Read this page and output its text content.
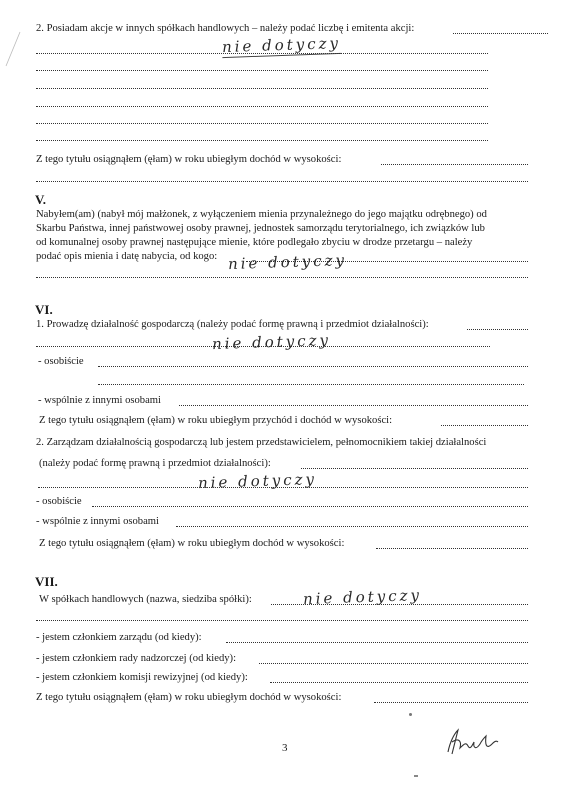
2. Posiadam akcje w innych spółkach handlowych – należy podać liczbę i emitenta akcji:
nie dotyczy
Z tego tytułu osiągnąłem (ęłam) w roku ubiegłym dochód w wysokości:
V.
Nabyłem(am) (nabył mój małżonek, z wyłączeniem mienia przynależnego do jego majątku odrębnego) od
Skarbu Państwa, innej państwowej osoby prawnej, jednostek samorządu terytorialnego, ich związków lub
od komunalnej osoby prawnej następujące mienie, które podlegało zbyciu w drodze przetargu – należy
podać opis mienia i datę nabycia, od kogo: nie dotyczy
VI.
1. Prowadzę działalność gospodarczą (należy podać formę prawną i przedmiot działalności):
nie dotyczy
- osobiście
- wspólnie z innymi osobami
Z tego tytułu osiągnąłem (ęłam) w roku ubiegłym przychód i dochód w wysokości:
2. Zarządzam działalnością gospodarczą lub jestem przedstawicielem, pełnomocnikiem takiej działalności
(należy podać formę prawną i przedmiot działalności):
nie dotyczy
- osobiście
- wspólnie z innymi osobami
Z tego tytułu osiągnąłem (ęłam) w roku ubiegłym dochód w wysokości:
VII.
W spółkach handlowych (nazwa, siedziba spółki):	nie dotyczy
- jestem członkiem zarządu (od kiedy):
- jestem członkiem rady nadzorczej (od kiedy):
- jestem członkiem komisji rewizyjnej (od kiedy):
Z tego tytułu osiągnąłem (ęłam) w roku ubiegłym dochód w wysokości:
3
